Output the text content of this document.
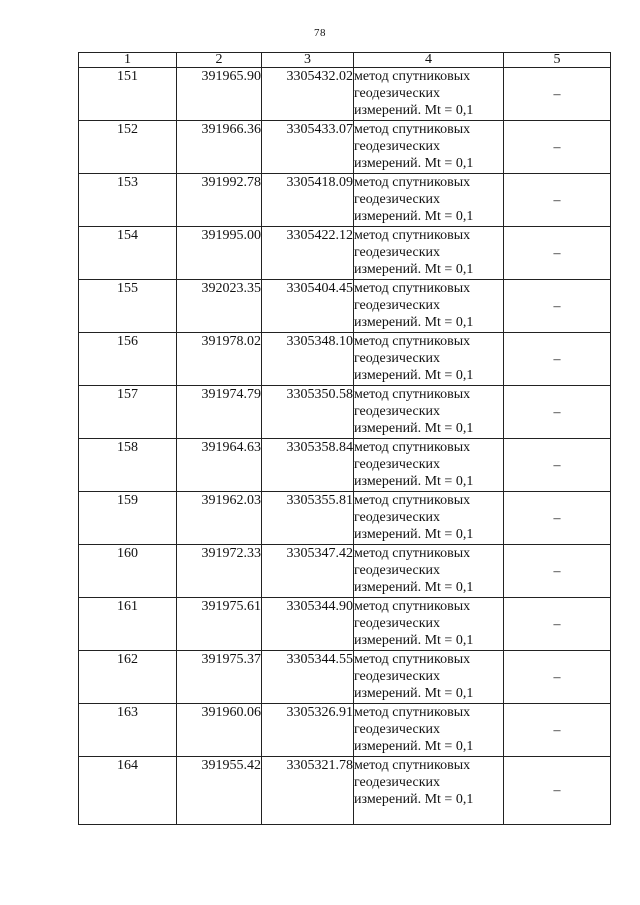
78
1	2	3	4	5
151	391965.90	3305432.02	метод спутниковых
геодезических
измерений. Mt = 0,1	–
152	391966.36	3305433.07	метод спутниковых
геодезических
измерений. Mt = 0,1	–
153	391992.78	3305418.09	метод спутниковых
геодезических
измерений. Mt = 0,1	–
154	391995.00	3305422.12	метод спутниковых
геодезических
измерений. Mt = 0,1	–
155	392023.35	3305404.45	метод спутниковых
геодезических
измерений. Mt = 0,1	–
156	391978.02	3305348.10	метод спутниковых
геодезических
измерений. Mt = 0,1	–
157	391974.79	3305350.58	метод спутниковых
геодезических
измерений. Mt = 0,1	–
158	391964.63	3305358.84	метод спутниковых
геодезических
измерений. Mt = 0,1	–
159	391962.03	3305355.81	метод спутниковых
геодезических
измерений. Mt = 0,1	–
160	391972.33	3305347.42	метод спутниковых
геодезических
измерений. Mt = 0,1	–
161	391975.61	3305344.90	метод спутниковых
геодезических
измерений. Mt = 0,1	–
162	391975.37	3305344.55	метод спутниковых
геодезических
измерений. Mt = 0,1	–
163	391960.06	3305326.91	метод спутниковых
геодезических
измерений. Mt = 0,1	–
164	391955.42	3305321.78	метод спутниковых
геодезических
измерений. Mt = 0,1	–
